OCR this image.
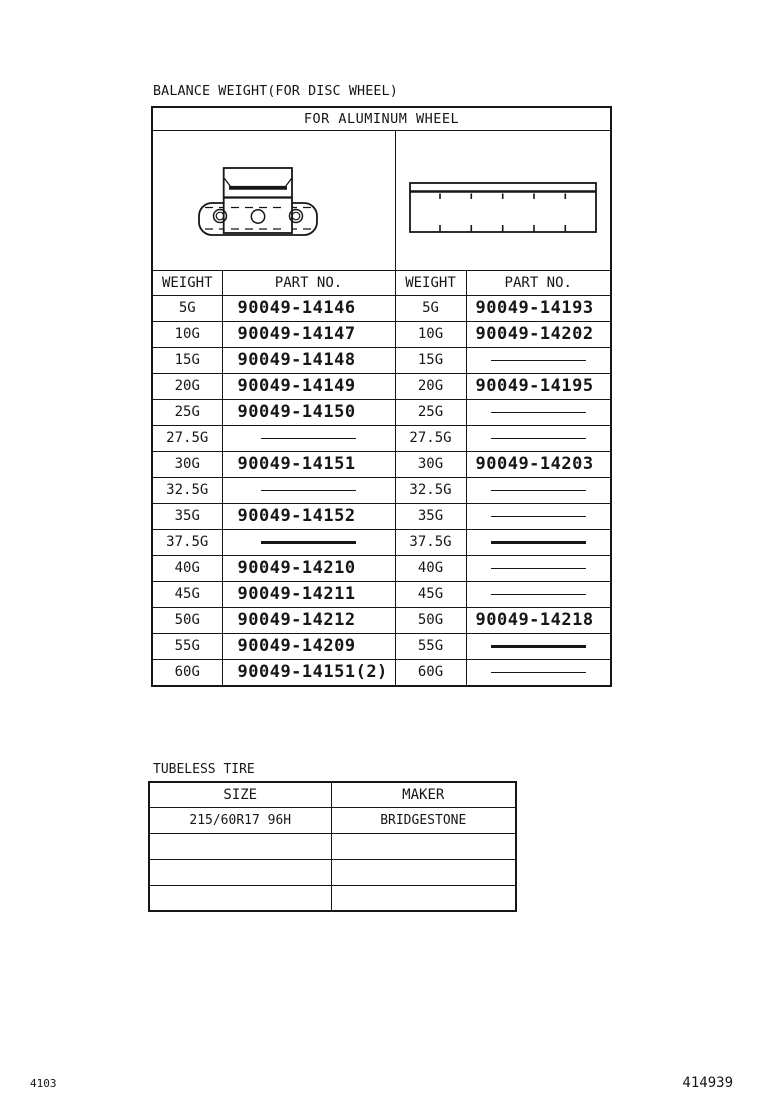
BALANCE WEIGHT(FOR DISC WHEEL)
FOR ALUMINUM WHEEL			

WEIGHT	PART NO.	WEIGHT	PART NO.
5G	90049-14146	5G	90049-14193

10G	90049-14147	10G	90049-14202

15G	90049-14148	15G	

20G	90049-14149	20G	90049-14195

25G	90049-14150	25G	

27.5G		27.5G	

30G	90049-14151	30G	90049-14203

32.5G		32.5G	

35G	90049-14152	35G	

37.5G		37.5G	

40G	90049-14210	40G	

45G	90049-14211	45G	

50G	90049-14212	50G	90049-14218

55G	90049-14209	55G	

60G	90049-14151(2)	60G	
TUBELESS TIRE
SIZE	MAKER
215/60R17 96H	BRIDGESTONE

4103	414939
